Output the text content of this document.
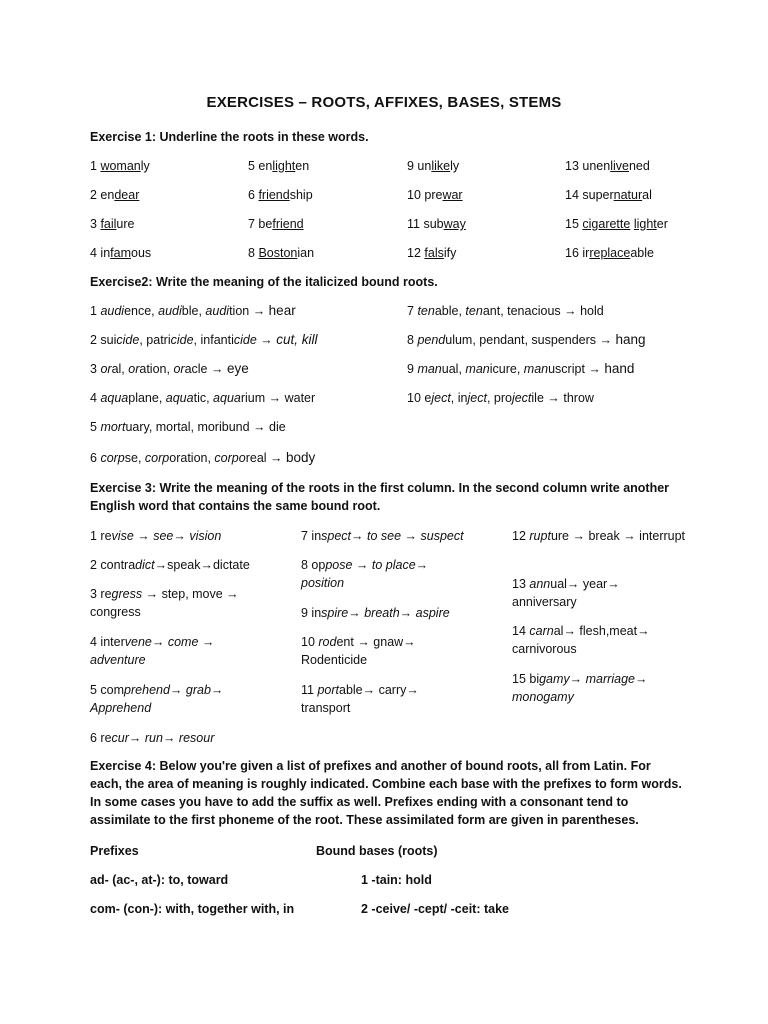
EXERCISES – ROOTS, AFFIXES, BASES, STEMS
Exercise 1: Underline the roots in these words.
1 womanly	5 enlighten	9 unlikely	13 unenlivened
2 endear	6 friendship	10 prewar	14 supernatural
3 failure	7 befriend	11 subway	15 cigarette lighter
4 infamous	8 Bostonian	12 falsify	16 irreplaceable
Exercise2: Write the meaning of the italicized bound roots.
1 audience, audible, audition → hear
2 suicide, patricide, infanticide → cut, kill
3 oral, oration, oracle → eye
4 aquaplane, aquatic, aquarium → water
5 mortuary, mortal, moribund → die
6 corpse, corporation, corporeal → body
7 tenable, tenant, tenacious → hold
8 pendulum, pendant, suspenders → hang
9 manual, manicure, manuscript → hand
10 eject, inject, projectile → throw
Exercise 3: Write the meaning of the roots in the first column. In the second column write another English word that contains the same bound root.
1 revise → see→ vision
2 contradict→speak→dictate
3 regress → step, move → congress
4 intervene→ come → adventure
5 comprehend→ grab→ Apprehend
6 recur→ run→ resour
7 inspect→ to see → suspect
8 oppose → to place→ position
9 inspire→ breath→ aspire
10 rodent → gnaw→ Rodenticide
11 portable→ carry→ transport
12 rupture → break → interrupt
13 annual→ year→ anniversary
14 carnal→ flesh,meat→ carnivorous
15 bigamy→ marriage→ monogamy
Exercise 4: Below you're given a list of prefixes and another of bound roots, all from Latin. For each, the area of meaning is roughly indicated. Combine each base with the prefixes to form words. In some cases you have to add the suffix as well. Prefixes ending with a consonant tend to assimilate to the first phoneme of the root. These assimilated form are given in parentheses.
Prefixes	Bound bases (roots)
ad- (ac-, at-): to, toward
com- (con-): with, together with, in
1 -tain: hold
2 -ceive/ -cept/ -ceit: take
